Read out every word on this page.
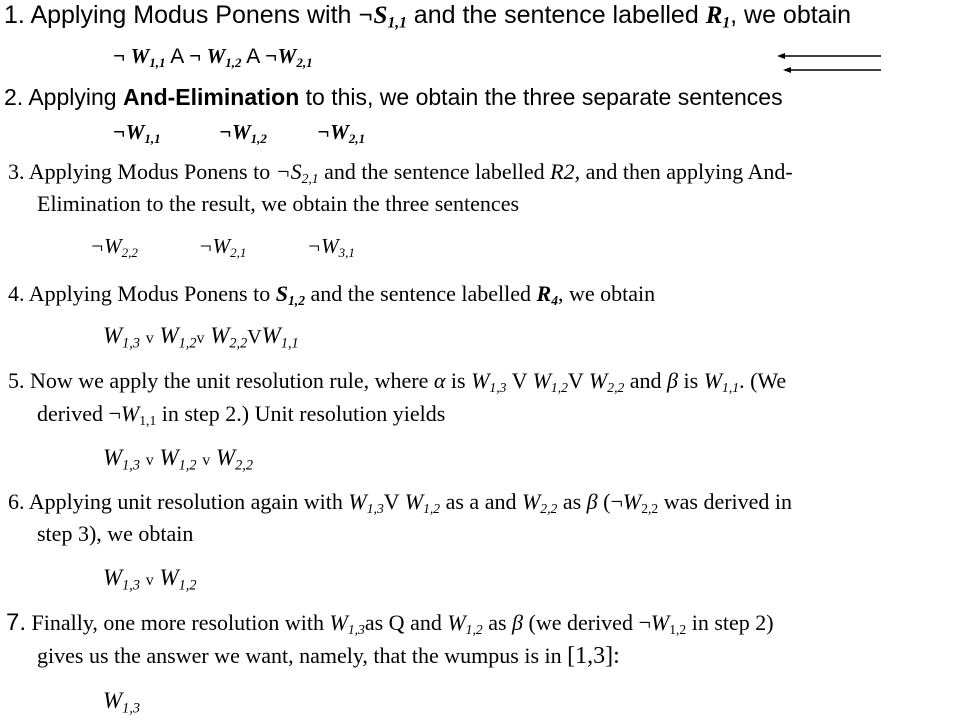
1. Applying Modus Ponens with $\neg S_{1,1}$ and the sentence labelled $R_1$, we obtain
¬ $W_{1,1}$ A ¬ $W_{1,2}$ A $\neg W_{2,1}$
2. Applying And-Elimination to this, we obtain the three separate sentences
$\neg W_{1,1}$	$\neg W_{1,2}$ $\neg W_{2,1}$
3. Applying Modus Ponens to $\neg S_{2,1}$ and the sentence labelled R2, and then applying And-
Elimination to the result, we obtain the three sentences
$\neg W_{2,2}$	$\neg W_{2,1}$	$\neg W_{3,1}$
4. Applying Modus Ponens to $S_{1,2}$ and the sentence labelled $R_4$, we obtain
$W_{1,3}$ v $W_{1,2}v$ $W_{2,2}VW_{1,1}$
5. Now we apply the unit resolution rule, where α is $W_{1,3}$ V $W_{1,2}V$ $W_{2,2}$ and β is $W_{1,1}$. (We
derived $\neg W_{1,1}$ in step 2.) Unit resolution yields
$W_{1,3}$ v $W_{1,2}$ v $W_{2,2}$
6. Applying unit resolution again with $W_{1,3}V$ $W_{1,2}$ as a and $W_{2,2}$ as β ($\neg W_{2,2}$ was derived in
step 3), we obtain
$W_{1,3}$ v $W_{1,2}$
7. Finally, one more resolution with $W_{1,3}as$ Q and $W_{1,2}$ as β (we derived $\neg W_{1,2}$ in step 2)
gives us the answer we want, namely, that the wumpus is in [1,3]:
$W_{1,3}$
